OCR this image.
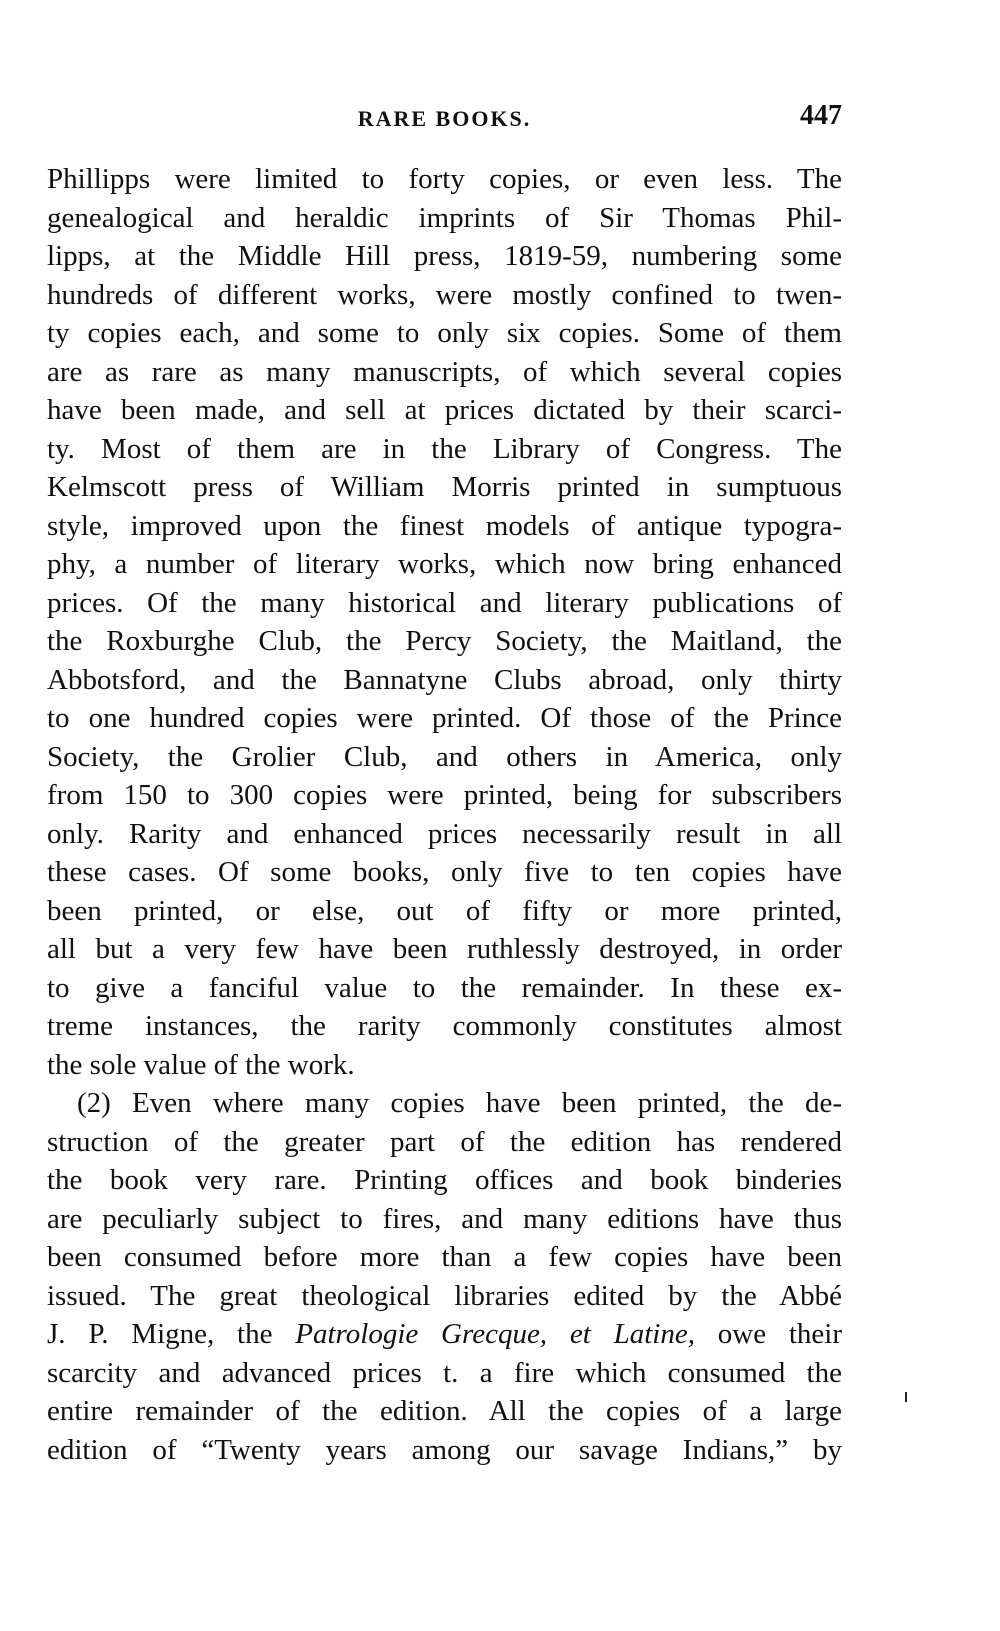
RARE BOOKS.	447
Phillipps were limited to forty copies, or even less. The
genealogical and heraldic imprints of Sir Thomas Phil-
lipps, at the Middle Hill press, 1819-59, numbering some
hundreds of different works, were mostly confined to twen-
ty copies each, and some to only six copies. Some of them
are as rare as many manuscripts, of which several copies
have been made, and sell at prices dictated by their scarci-
ty. Most of them are in the Library of Congress. The
Kelmscott press of William Morris printed in sumptuous
style, improved upon the finest models of antique typogra-
phy, a number of literary works, which now bring enhanced
prices. Of the many historical and literary publications of
the Roxburghe Club, the Percy Society, the Maitland, the
Abbotsford, and the Bannatyne Clubs abroad, only thirty
to one hundred copies were printed. Of those of the Prince
Society, the Grolier Club, and others in America, only
from 150 to 300 copies were printed, being for subscribers
only. Rarity and enhanced prices necessarily result in all
these cases. Of some books, only five to ten copies have
been printed, or else, out of fifty or more printed,
all but a very few have been ruthlessly destroyed, in order
to give a fanciful value to the remainder. In these ex-
treme instances, the rarity commonly constitutes almost
the sole value of the work.
(2) Even where many copies have been printed, the de-
struction of the greater part of the edition has rendered
the book very rare. Printing offices and book binderies
are peculiarly subject to fires, and many editions have thus
been consumed before more than a few copies have been
issued. The great theological libraries edited by the Abbé
J. P. Migne, the Patrologie Grecque, et Latine, owe their
scarcity and advanced prices t. a fire which consumed the
entire remainder of the edition. All the copies of a large
edition of “Twenty years among our savage Indians,” by
